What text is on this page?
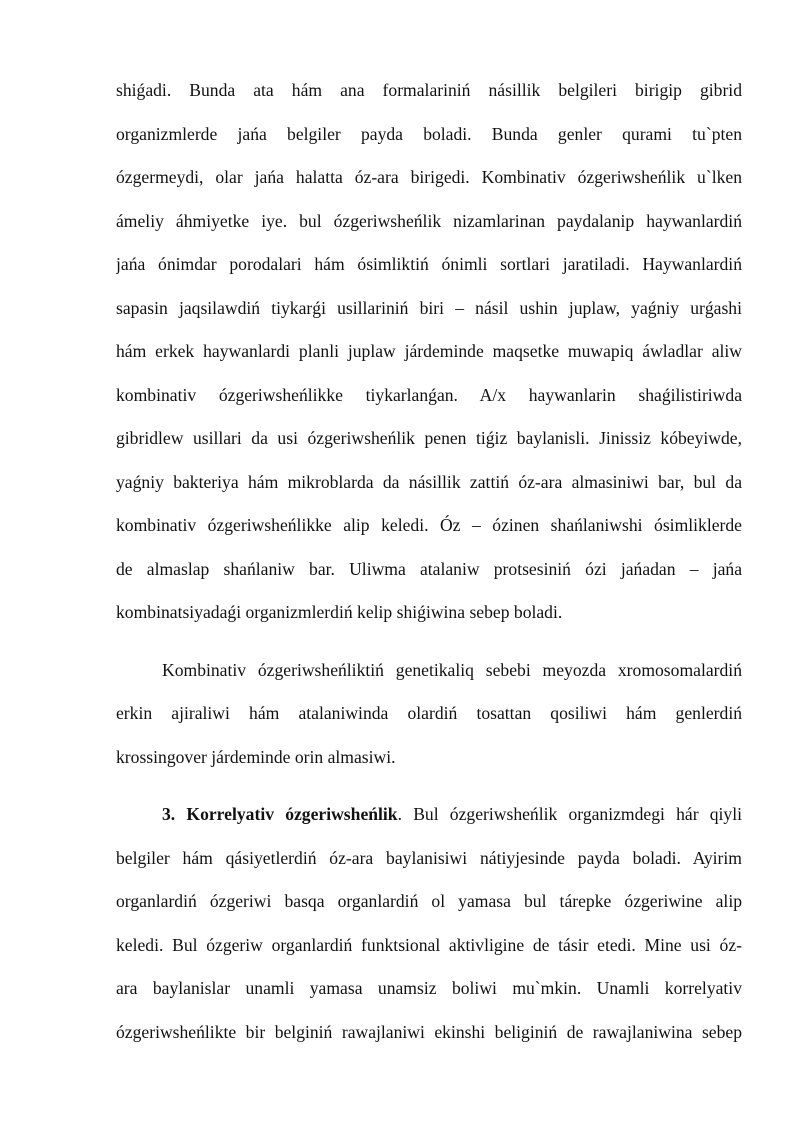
shiǵadi. Bunda ata hám ana formalariniń násillik belgileri birigip gibrid
organizmlerde jańa belgiler payda boladi. Bunda genler qurami tu`pten
ózgermeydi, olar jańa halatta óz-ara birigedi. Kombinativ ózgeriwsheńlik u`lken
ámeliy áhmiyetke iye. bul ózgeriwsheńlik nizamlarinan paydalanip haywanlardiń
jańa ónimdar porodalari hám ósimliktiń ónimli sortlari jaratiladi. Haywanlardiń
sapasin jaqsilawdiń tiykarǵi usillariniń biri – násil ushin juplaw, yaǵniy urǵashi
hám erkek haywanlardi planli juplaw járdeminde maqsetke muwapiq áwladlar aliw
kombinativ ózgeriwsheńlikke tiykarlanǵan. A/x haywanlarin shaǵilistiriwda
gibridlew usillari da usi ózgeriwsheńlik penen tiǵiz baylanisli. Jinissiz kóbeyiwde,
yaǵniy bakteriya hám mikroblarda da násillik zattiń óz-ara almasiniwi bar, bul da
kombinativ ózgeriwsheńlikke alip keledi. Óz – ózinen shańlaniwshi ósimliklerde
de almaslap shańlaniw bar. Uliwma atalaniw protsesiniń ózi jańadan – jańa
kombinatsiyadaǵi organizmlerdiń kelip shiǵiwina sebep boladi.
Kombinativ ózgeriwsheńliktiń genetikaliq sebebi meyozda xromosomalardiń
erkin ajiraliwi hám atalaniwinda olardiń tosattan qosiliwi hám genlerdiń
krossingover járdeminde orin almasiwi.
3. Korrelyativ ózgeriwsheńlik. Bul ózgeriwsheńlik organizmdegi hár qiyli
belgiler hám qásiyetlerdiń óz-ara baylanisiwi nátiyjesinde payda boladi. Ayirim
organlardiń ózgeriwi basqa organlardiń ol yamasa bul tárepke ózgeriwine alip
keledi. Bul ózgeriw organlardiń funktsional aktivligine de tásir etedi. Mine usi óz-
ara baylanislar unamli yamasa unamsiz boliwi mu`mkin. Unamli korrelyativ
ózgeriwsheńlikte bir belginiń rawajlaniwi ekinshi beliginiń de rawajlaniwina sebep
